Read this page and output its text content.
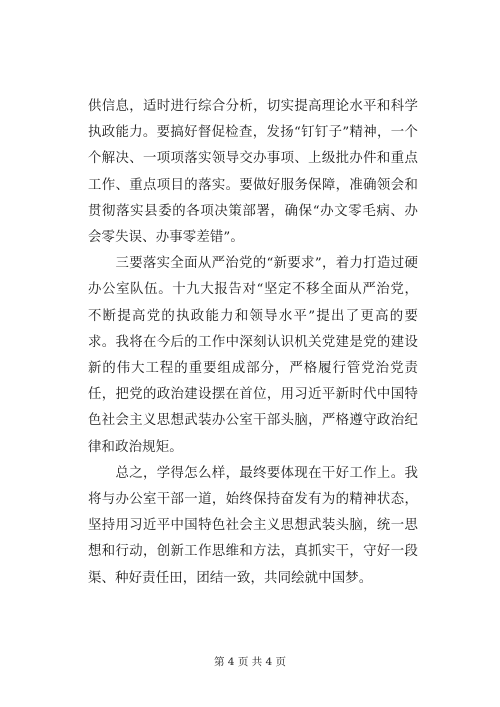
供信息，适时进行综合分析，切实提高理论水平和科学执政能力。要搞好督促检查，发扬“钉钉子”精神，一个个解决、一项项落实领导交办事项、上级批办件和重点工作、重点项目的落实。要做好服务保障，准确领会和贯彻落实县委的各项决策部署，确保“办文零毛病、办会零失误、办事零差错”。

　　三要落实全面从严治党的“新要求”，着力打造过硬办公室队伍。十九大报告对“坚定不移全面从严治党，不断提高党的执政能力和领导水平”提出了更高的要求。我将在今后的工作中深刻认识机关党建是党的建设新的伟大工程的重要组成部分，严格履行管党治党责任，把党的政治建设摆在首位，用习近平新时代中国特色社会主义思想武装办公室干部头脑，严格遵守政治纪律和政治规矩。

　　总之，学得怎么样，最终要体现在干好工作上。我将与办公室干部一道，始终保持奋发有为的精神状态，坚持用习近平中国特色社会主义思想武装头脑，统一思想和行动，创新工作思维和方法，真抓实干，守好一段渠、种好责任田，团结一致，共同绘就中国梦。

第 4 页 共 4 页
